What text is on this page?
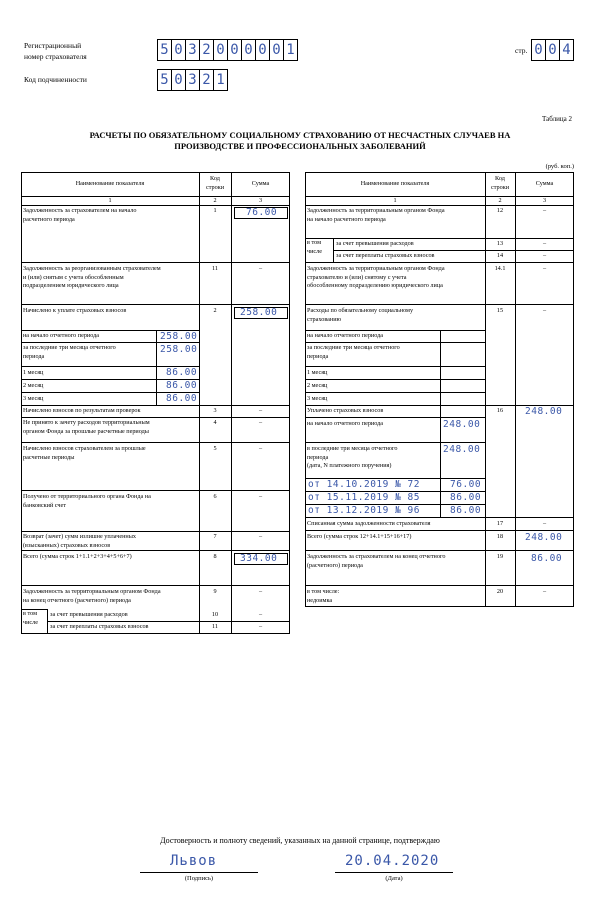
Регистрационный
номер страхователя	5 0 3 2 0 0 0 0 0 1
Код подчиненности	5 0 3 2 1
стр. 0 0 4
Таблица 2
РАСЧЕТЫ ПО ОБЯЗАТЕЛЬНОМУ СОЦИАЛЬНОМУ СТРАХОВАНИЮ ОТ НЕСЧАСТНЫХ СЛУЧАЕВ НА
ПРОИЗВОДСТВЕ И ПРОФЕССИОНАЛЬНЫХ ЗАБОЛЕВАНИЙ
(руб. коп.)
Наименование показателя
Код
строки	Сумма
1	2	3
Задолженность за страхователем на начало
расчетного периода
1	76.00
Задолженность за реорганизованным страхователем
и (или) снятым с учета обособленным
подразделением юридического лица
11	–
Начислено к уплате страховых взносов	2	258.00
на начало отчетного периода	258.00
за последние три месяца отчетного
периода
258.00
1 месяц	86.00
2 месяц	86.00
3 месяц	86.00
Начислено взносов по результатам проверок	3	–
Не принято к зачету расходов территориальным
органом Фонда за прошлые расчетные периоды
4	–
Начислено взносов страхователем за прошлые
расчетные периоды
5	–
Получено от территориального органа Фонда на
банковский счет
6	–
Возврат (зачет) сумм излишне уплаченных
(взысканных) страховых взносов
7	–
Всего (сумма строк 1+1.1+2+3+4+5+6+7)	8	334.00
Задолженность за территориальным органом Фонда
на конец отчетного (расчетного) периода
9	–
в том
числе
за счет превышения расходов	10	–
за счет переплаты страховых взносов	11	–
Наименование показателя
Код
строки	Сумма
1	2	3
Задолженность за территориальным органом Фонда
на начало расчетного периода
12	–
в том
числе
за счет превышения расходов	13	–
за счет переплаты страховых взносов	14	–
Задолженность за территориальным органом Фонда
страхователю и (или) снятому с учета
обособленному подразделению юридического лица
14.1	–
Расходы по обязательному социальному
страхованию
15	–
на начало отчетного периода
за последние три месяца отчетного
периода
1 месяц
2 месяц
3 месяц
Уплачено страховых взносов	16	248.00
на начало отчетного периода	248.00
в последние три месяца отчетного
периода
(дата, N платежного поручения)
248.00
от 14.10.2019 № 72	76.00
от 15.11.2019 № 85	86.00
от 13.12.2019 № 96	86.00
Списанная сумма задолженности страхователя	17	–
Всего (сумма строк 12+14.1+15+16+17)	18	248.00
Задолженность за страхователем на конец отчетного
(расчетного) периода
19	86.00
в том числе:
недоимка
20	–
Достоверность и полноту сведений, указанных на данной странице, подтверждаю
Львов
(Подпись)
20.04.2020
(Дата)
